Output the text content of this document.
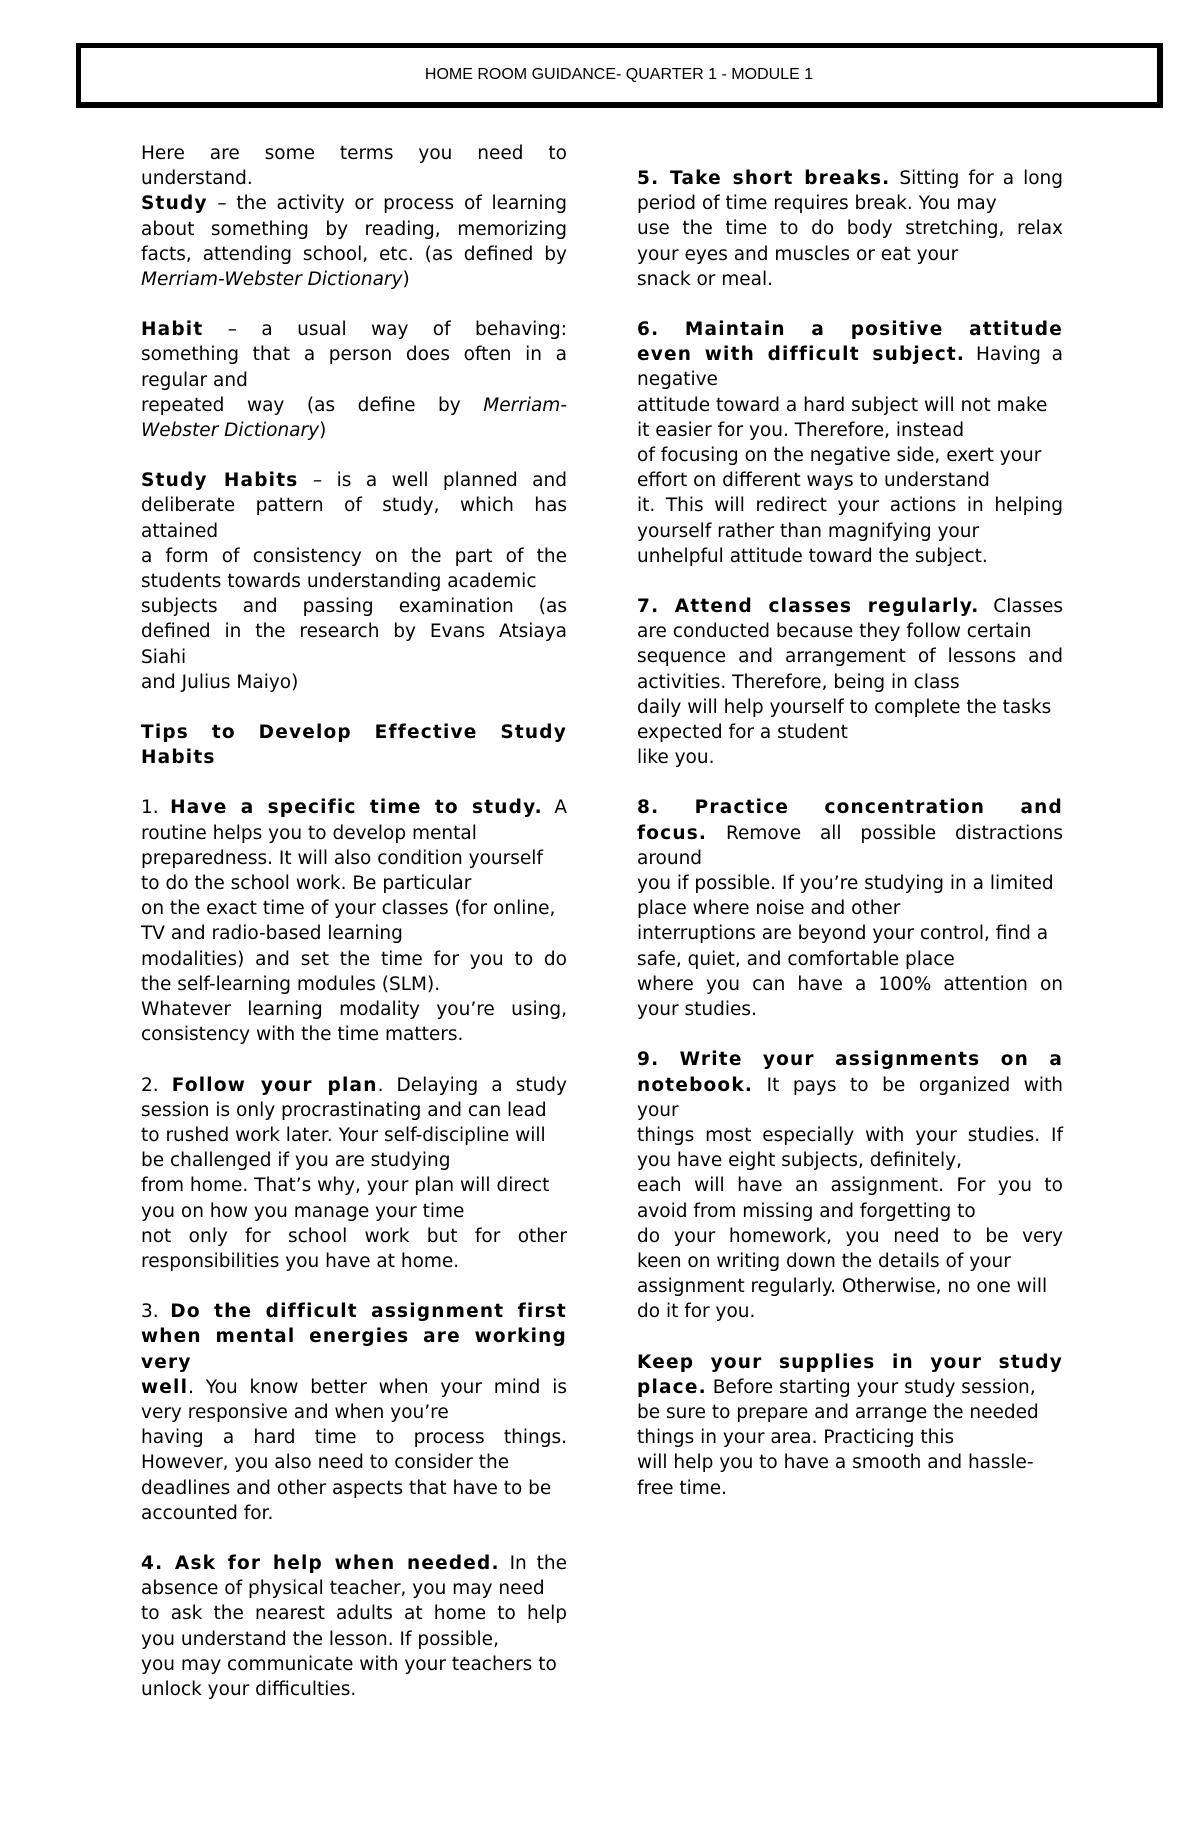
HOME ROOM GUIDANCE- QUARTER 1 - MODULE 1

Here are some terms you need to

understand.

Study – the activity or process of learning

about something by reading, memorizing

facts, attending school, etc. (as defined by

Merriam-Webster Dictionary)

Habit – a usual way of behaving:

something that a person does often in a

regular and

repeated way (as define by Merriam-

Webster Dictionary)

Study Habits – is a well planned and

deliberate pattern of study, which has

attained

a form of consistency on the part of the

students towards understanding academic

subjects and passing examination (as

defined in the research by Evans Atsiaya

Siahi

and Julius Maiyo)

Tips to Develop Effective Study

Habits

1. Have a specific time to study. A

routine helps you to develop mental

preparedness. It will also condition yourself

to do the school work. Be particular

on the exact time of your classes (for online,

TV and radio-based learning

modalities) and set the time for you to do

the self-learning modules (SLM).

Whatever learning modality you’re using,

consistency with the time matters.

2. Follow your plan. Delaying a study

session is only procrastinating and can lead

to rushed work later. Your self-discipline will

be challenged if you are studying

from home. That’s why, your plan will direct

you on how you manage your time

not only for school work but for other

responsibilities you have at home.

3. Do the difficult assignment first

when mental energies are working

very

well. You know better when your mind is

very responsive and when you’re

having a hard time to process things.

However, you also need to consider the

deadlines and other aspects that have to be

accounted for.

4. Ask for help when needed. In the

absence of physical teacher, you may need

to ask the nearest adults at home to help

you understand the lesson. If possible,

you may communicate with your teachers to

unlock your difficulties.

5. Take short breaks. Sitting for a long

period of time requires break. You may

use the time to do body stretching, relax

your eyes and muscles or eat your

snack or meal.

6. Maintain a positive attitude

even with difficult subject. Having a

negative

attitude toward a hard subject will not make

it easier for you. Therefore, instead

of focusing on the negative side, exert your

effort on different ways to understand

it. This will redirect your actions in helping

yourself rather than magnifying your

unhelpful attitude toward the subject.

7. Attend classes regularly. Classes

are conducted because they follow certain

sequence and arrangement of lessons and

activities. Therefore, being in class

daily will help yourself to complete the tasks

expected for a student

like you.

8. Practice concentration and

focus. Remove all possible distractions

around

you if possible. If you’re studying in a limited

place where noise and other

interruptions are beyond your control, find a

safe, quiet, and comfortable place

where you can have a 100% attention on

your studies.

9. Write your assignments on a

notebook. It pays to be organized with

your

things most especially with your studies. If

you have eight subjects, definitely,

each will have an assignment. For you to

avoid from missing and forgetting to

do your homework, you need to be very

keen on writing down the details of your

assignment regularly. Otherwise, no one will

do it for you.

Keep your supplies in your study

place. Before starting your study session,

be sure to prepare and arrange the needed

things in your area. Practicing this

will help you to have a smooth and hassle-

free time.
